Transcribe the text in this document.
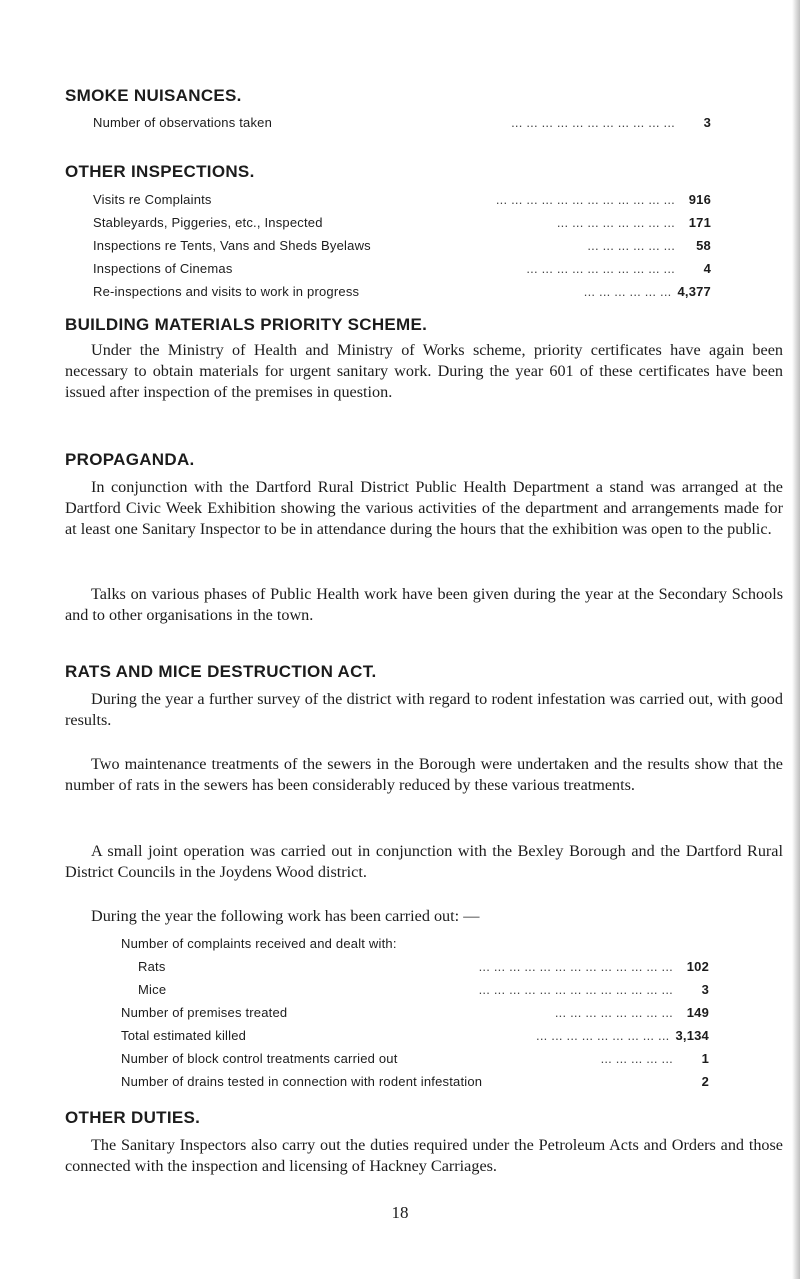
SMOKE NUISANCES.
Number of observations taken	... ... ... ... ... ... ... ... ... ... ...	3
OTHER INSPECTIONS.
Visits re Complaints	... ... ... ... ... ... ... ... ... ... ... ...	916
Stableyards, Piggeries, etc., Inspected	... ... ... ... ... ... ... ...	171
Inspections re Tents, Vans and Sheds Byelaws	... ... ... ... ... ...	58
Inspections of Cinemas	... ... ... ... ... ... ... ... ... ...	4
Re-inspections and visits to work in progress	... ... ... ... ... ... 4,377
BUILDING MATERIALS PRIORITY SCHEME.

Under the Ministry of Health and Ministry of Works scheme, priority certificates have again been necessary to obtain materials for urgent sanitary work. During the year 601 of these certificates have been issued after inspection of the premises in question.

PROPAGANDA.

In conjunction with the Dartford Rural District Public Health Department a stand was arranged at the Dartford Civic Week Exhibition showing the various activities of the department and arrangements made for at least one Sanitary Inspector to be in attendance during the hours that the exhibition was open to the public.

Talks on various phases of Public Health work have been given during the year at the Secondary Schools and to other organisations in the town.

RATS AND MICE DESTRUCTION ACT.

During the year a further survey of the district with regard to rodent infestation was carried out, with good results.

Two maintenance treatments of the sewers in the Borough were undertaken and the results show that the number of rats in the sewers has been considerably reduced by these various treatments.

A small joint operation was carried out in conjunction with the Bexley Borough and the Dartford Rural District Councils in the Joydens Wood district.

During the year the following work has been carried out: —

Number of complaints received and dealt with:
Rats	... ... ... ... ... ... ... ... ... ... ... ... ...	102
Mice	... ... ... ... ... ... ... ... ... ... ... ... ...	3
Number of premises treated	... ... ... ... ... ... ... ...	149
Total estimated killed	... ... ... ... ... ... ... ... ... 3,134
Number of block control treatments carried out	... ... ... ... ...	1
Number of drains tested in connection with rodent infestation	2
OTHER DUTIES.

The Sanitary Inspectors also carry out the duties required under the Petroleum Acts and Orders and those connected with the inspection and licensing of Hackney Carriages.

18
